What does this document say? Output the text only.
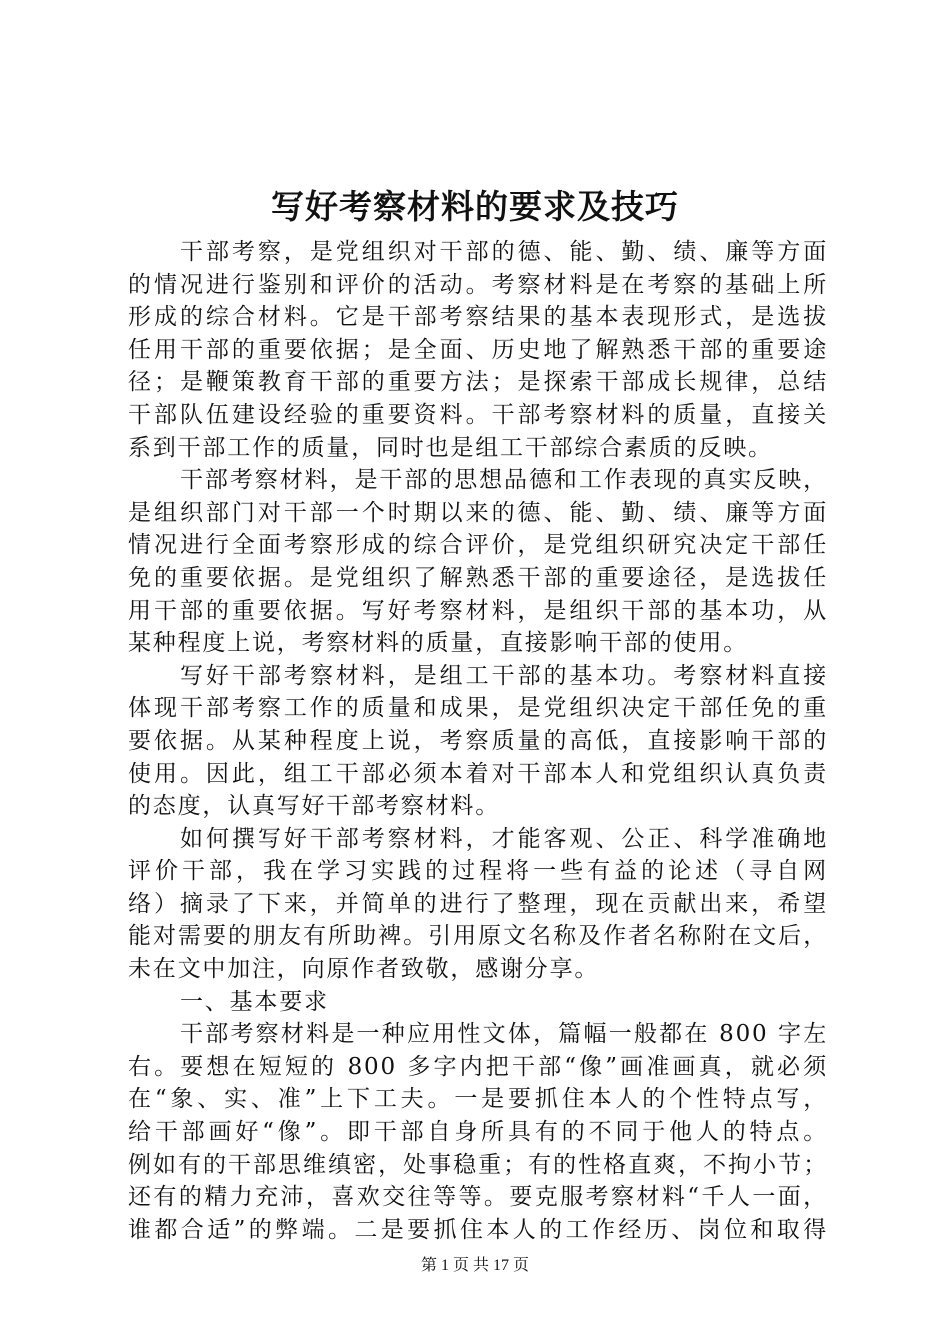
写好考察材料的要求及技巧
干部考察，是党组织对干部的德、能、勤、绩、廉等方面
的情况进行鉴别和评价的活动。考察材料是在考察的基础上所
形成的综合材料。它是干部考察结果的基本表现形式，是选拔
任用干部的重要依据；是全面、历史地了解熟悉干部的重要途
径；是鞭策教育干部的重要方法；是探索干部成长规律，总结
干部队伍建设经验的重要资料。干部考察材料的质量，直接关
系到干部工作的质量，同时也是组工干部综合素质的反映。
干部考察材料，是干部的思想品德和工作表现的真实反映，
是组织部门对干部一个时期以来的德、能、勤、绩、廉等方面
情况进行全面考察形成的综合评价，是党组织研究决定干部任
免的重要依据。是党组织了解熟悉干部的重要途径，是选拔任
用干部的重要依据。写好考察材料，是组织干部的基本功，从
某种程度上说，考察材料的质量，直接影响干部的使用。
写好干部考察材料，是组工干部的基本功。考察材料直接
体现干部考察工作的质量和成果，是党组织决定干部任免的重
要依据。从某种程度上说，考察质量的高低，直接影响干部的
使用。因此，组工干部必须本着对干部本人和党组织认真负责
的态度，认真写好干部考察材料。
如何撰写好干部考察材料，才能客观、公正、科学准确地
评价干部，我在学习实践的过程将一些有益的论述（寻自网
络）摘录了下来，并简单的进行了整理，现在贡献出来，希望
能对需要的朋友有所助裨。引用原文名称及作者名称附在文后，
未在文中加注，向原作者致敬，感谢分享。
一、基本要求
干部考察材料是一种应用性文体，篇幅一般都在 800 字左
右。要想在短短的 800 多字内把干部“像”画准画真，就必须
在“象、实、准”上下工夫。一是要抓住本人的个性特点写，
给干部画好“像”。即干部自身所具有的不同于他人的特点。
例如有的干部思维缜密，处事稳重；有的性格直爽，不拘小节；
还有的精力充沛，喜欢交往等等。要克服考察材料“千人一面，
谁都合适”的弊端。二是要抓住本人的工作经历、岗位和取得
第 1 页 共 17 页
